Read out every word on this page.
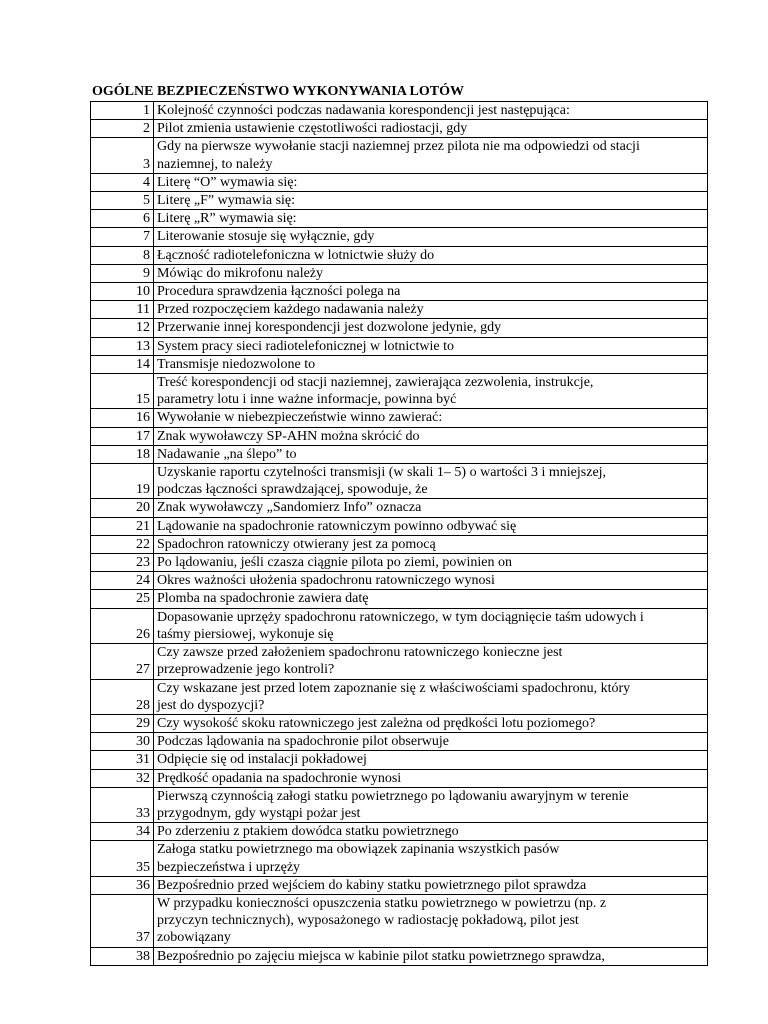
OGÓLNE BEZPIECZEŃSTWO WYKONYWANIA LOTÓW
1	Kolejność czynności podczas nadawania korespondencji jest następująca:

2	Pilot zmienia ustawienie częstotliwości radiostacji, gdy

3	Gdy na pierwsze wywołanie stacji naziemnej przez pilota nie ma odpowiedzi od stacji
naziemnej, to należy

4	Literę “O” wymawia się:

5	Literę „F” wymawia się:

6	Literę „R” wymawia się:

7	Literowanie stosuje się wyłącznie, gdy

8	Łączność radiotelefoniczna w lotnictwie służy do

9	Mówiąc do mikrofonu należy

10	Procedura sprawdzenia łączności polega na

11	Przed rozpoczęciem każdego nadawania należy

12	Przerwanie innej korespondencji jest dozwolone jedynie, gdy

13	System pracy sieci radiotelefonicznej w lotnictwie to

14	Transmisje niedozwolone to

15	Treść korespondencji od stacji naziemnej, zawierająca zezwolenia, instrukcje,
parametry lotu i inne ważne informacje, powinna być

16	Wywołanie w niebezpieczeństwie winno zawierać:

17	Znak wywoławczy SP-AHN można skrócić do

18	Nadawanie „na ślepo” to

19	Uzyskanie raportu czytelności transmisji (w skali 1– 5) o wartości 3 i mniejszej,
podczas łączności sprawdzającej, spowoduje, że

20	Znak wywoławczy „Sandomierz Info” oznacza

21	Lądowanie na spadochronie ratowniczym powinno odbywać się

22	Spadochron ratowniczy otwierany jest za pomocą

23	Po lądowaniu, jeśli czasza ciągnie pilota po ziemi, powinien on

24	Okres ważności ułożenia spadochronu ratowniczego wynosi

25	Plomba na spadochronie zawiera datę

26	Dopasowanie uprzęży spadochronu ratowniczego, w tym dociągnięcie taśm udowych i
taśmy piersiowej, wykonuje się

27	Czy zawsze przed założeniem spadochronu ratowniczego konieczne jest
przeprowadzenie jego kontroli?

28	Czy wskazane jest przed lotem zapoznanie się z właściwościami spadochronu, który
jest do dyspozycji?

29	Czy wysokość skoku ratowniczego jest zależna od prędkości lotu poziomego?

30	Podczas lądowania na spadochronie pilot obserwuje

31	Odpięcie się od instalacji pokładowej

32	Prędkość opadania na spadochronie wynosi

33	Pierwszą czynnością załogi statku powietrznego po lądowaniu awaryjnym w terenie
przygodnym, gdy wystąpi pożar jest

34	Po zderzeniu z ptakiem dowódca statku powietrznego

35	Załoga statku powietrznego ma obowiązek zapinania wszystkich pasów
bezpieczeństwa i uprzęży

36	Bezpośrednio przed wejściem do kabiny statku powietrznego pilot sprawdza

37	W przypadku konieczności opuszczenia statku powietrznego w powietrzu (np. z
przyczyn technicznych), wyposażonego w radiostację pokładową, pilot jest
zobowiązany

38	Bezpośrednio po zajęciu miejsca w kabinie pilot statku powietrznego sprawdza,
